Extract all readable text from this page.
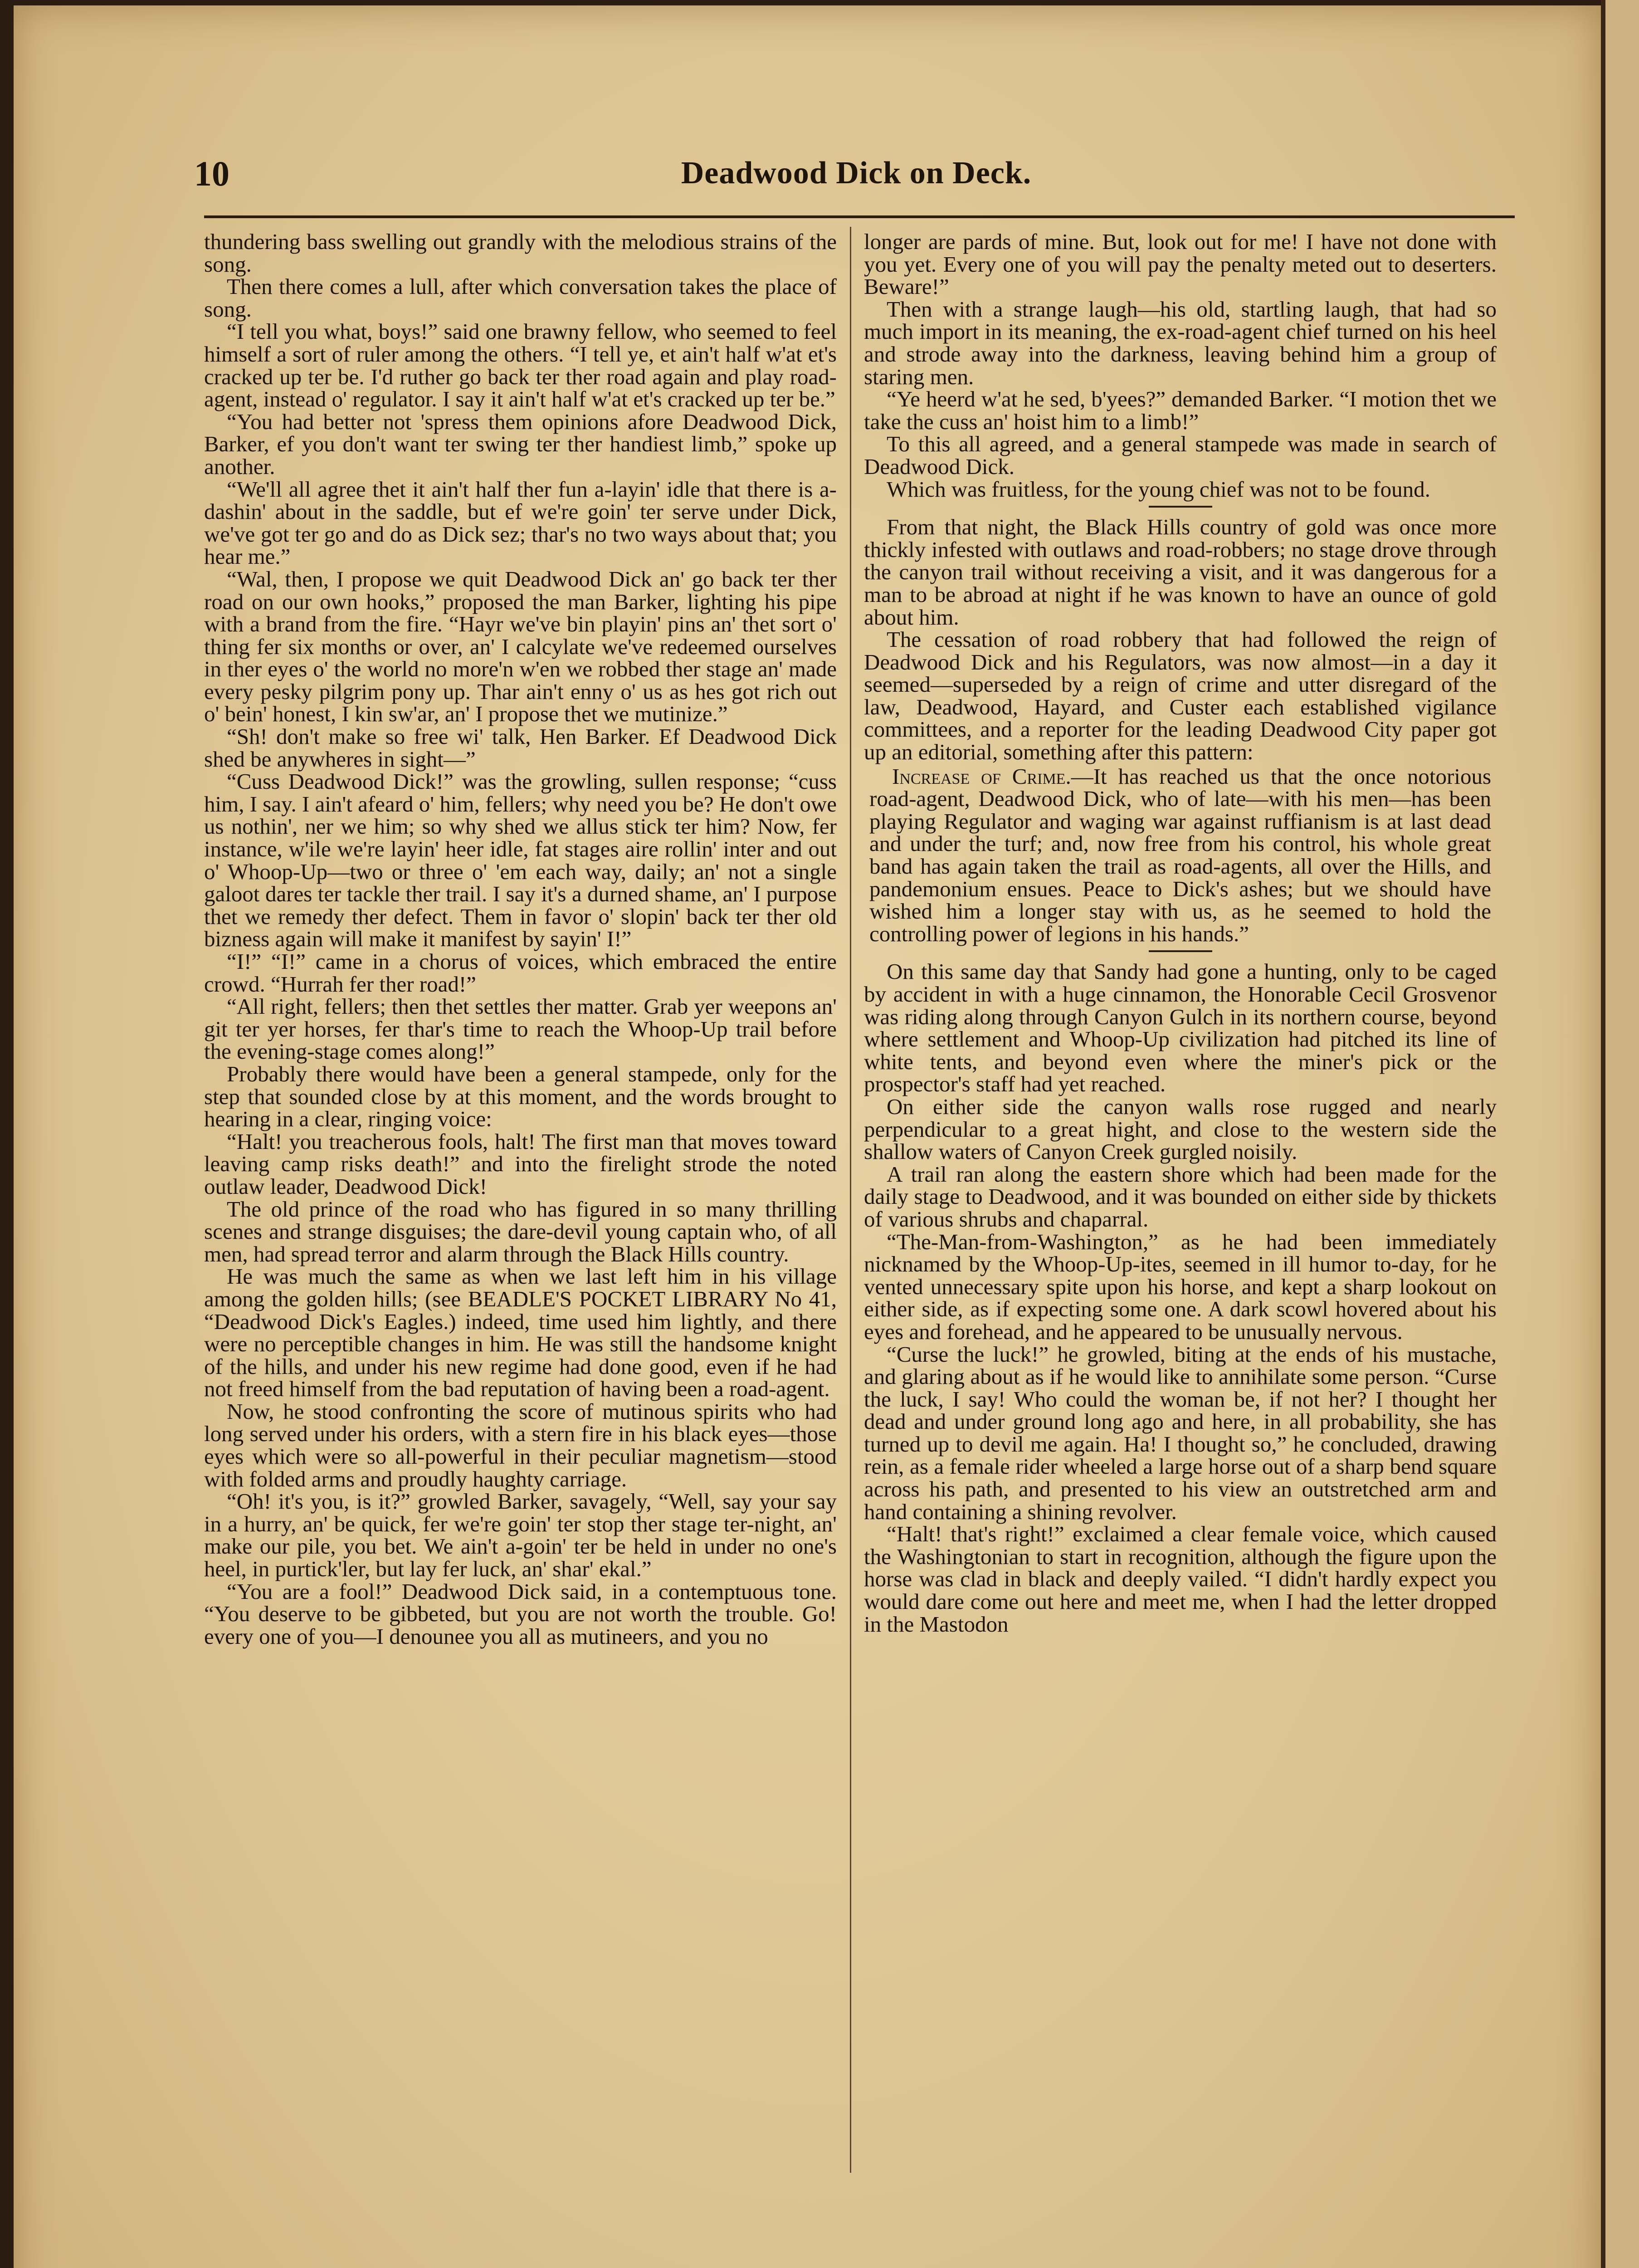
10	Deadwood Dick on Deck.

thundering bass swelling out grandly with the melodious strains of the song.

Then there comes a lull, after which conversation takes the place of song.

“I tell you what, boys!” said one brawny fellow, who seemed to feel himself a sort of ruler among the others. “I tell ye, et ain't half w'at et's cracked up ter be. I'd ruther go back ter ther road again and play road-agent, instead o' regulator. I say it ain't half w'at et's cracked up ter be.”

“You had better not 'spress them opinions afore Deadwood Dick, Barker, ef you don't want ter swing ter ther handiest limb,” spoke up another.

“We'll all agree thet it ain't half ther fun a-layin' idle that there is a-dashin' about in the saddle, but ef we're goin' ter serve under Dick, we've got ter go and do as Dick sez; thar's no two ways about that; you hear me.”

“Wal, then, I propose we quit Deadwood Dick an' go back ter ther road on our own hooks,” proposed the man Barker, lighting his pipe with a brand from the fire. “Hayr we've bin playin' pins an' thet sort o' thing fer six months or over, an' I calcylate we've redeemed ourselves in ther eyes o' the world no more'n w'en we robbed ther stage an' made every pesky pilgrim pony up. Thar ain't enny o' us as hes got rich out o' bein' honest, I kin sw'ar, an' I propose thet we mutinize.”

“Sh! don't make so free wi' talk, Hen Barker. Ef Deadwood Dick shed be anywheres in sight—”

“Cuss Deadwood Dick!” was the growling, sullen response; “cuss him, I say. I ain't afeard o' him, fellers; why need you be? He don't owe us nothin', ner we him; so why shed we allus stick ter him? Now, fer instance, w'ile we're layin' heer idle, fat stages aire rollin' inter and out o' Whoop-Up—two or three o' 'em each way, daily; an' not a single galoot dares ter tackle ther trail. I say it's a durned shame, an' I purpose thet we remedy ther defect. Them in favor o' slopin' back ter ther old bizness again will make it manifest by sayin' I!”

“I!” “I!” came in a chorus of voices, which embraced the entire crowd. “Hurrah fer ther road!”

“All right, fellers; then thet settles ther matter. Grab yer weepons an' git ter yer horses, fer thar's time to reach the Whoop-Up trail before the evening-stage comes along!”

Probably there would have been a general stampede, only for the step that sounded close by at this moment, and the words brought to hearing in a clear, ringing voice:

“Halt! you treacherous fools, halt! The first man that moves toward leaving camp risks death!” and into the firelight strode the noted outlaw leader, Deadwood Dick!

The old prince of the road who has figured in so many thrilling scenes and strange disguises; the dare-devil young captain who, of all men, had spread terror and alarm through the Black Hills country.

He was much the same as when we last left him in his village among the golden hills; (see BEADLE'S POCKET LIBRARY No 41, “Deadwood Dick's Eagles.) indeed, time used him lightly, and there were no perceptible changes in him. He was still the handsome knight of the hills, and under his new regime had done good, even if he had not freed himself from the bad reputation of having been a road-agent.

Now, he stood confronting the score of mutinous spirits who had long served under his orders, with a stern fire in his black eyes—those eyes which were so all-powerful in their peculiar magnetism—stood with folded arms and proudly haughty carriage.

“Oh! it's you, is it?” growled Barker, savagely, “Well, say your say in a hurry, an' be quick, fer we're goin' ter stop ther stage ter-night, an' make our pile, you bet. We ain't a-goin' ter be held in under no one's heel, in purtick'ler, but lay fer luck, an' shar' ekal.”

“You are a fool!” Deadwood Dick said, in a contemptuous tone. “You deserve to be gibbeted, but you are not worth the trouble. Go! every one of you—I denounee you all as mutineers, and you no

longer are pards of mine. But, look out for me! I have not done with you yet. Every one of you will pay the penalty meted out to deserters. Beware!”

Then with a strange laugh—his old, startling laugh, that had so much import in its meaning, the ex-road-agent chief turned on his heel and strode away into the darkness, leaving behind him a group of staring men.

“Ye heerd w'at he sed, b'yees?” demanded Barker. “I motion thet we take the cuss an' hoist him to a limb!”

To this all agreed, and a general stampede was made in search of Deadwood Dick.

Which was fruitless, for the young chief was not to be found.

From that night, the Black Hills country of gold was once more thickly infested with outlaws and road-robbers; no stage drove through the canyon trail without receiving a visit, and it was dangerous for a man to be abroad at night if he was known to have an ounce of gold about him.

The cessation of road robbery that had followed the reign of Deadwood Dick and his Regulators, was now almost—in a day it seemed—superseded by a reign of crime and utter disregard of the law, Deadwood, Hayard, and Custer each established vigilance committees, and a reporter for the leading Deadwood City paper got up an editorial, something after this pattern:

Increase of Crime.—It has reached us that the once notorious road-agent, Deadwood Dick, who of late—with his men—has been playing Regulator and waging war against ruffianism is at last dead and under the turf; and, now free from his control, his whole great band has again taken the trail as road-agents, all over the Hills, and pandemonium ensues. Peace to Dick's ashes; but we should have wished him a longer stay with us, as he seemed to hold the controlling power of legions in his hands.”

On this same day that Sandy had gone a hunting, only to be caged by accident in with a huge cinnamon, the Honorable Cecil Grosvenor was riding along through Canyon Gulch in its northern course, beyond where settlement and Whoop-Up civilization had pitched its line of white tents, and beyond even where the miner's pick or the prospector's staff had yet reached.

On either side the canyon walls rose rugged and nearly perpendicular to a great hight, and close to the western side the shallow waters of Canyon Creek gurgled noisily.

A trail ran along the eastern shore which had been made for the daily stage to Deadwood, and it was bounded on either side by thickets of various shrubs and chaparral.

“The-Man-from-Washington,” as he had been immediately nicknamed by the Whoop-Up-ites, seemed in ill humor to-day, for he vented unnecessary spite upon his horse, and kept a sharp lookout on either side, as if expecting some one. A dark scowl hovered about his eyes and forehead, and he appeared to be unusually nervous.

“Curse the luck!” he growled, biting at the ends of his mustache, and glaring about as if he would like to annihilate some person. “Curse the luck, I say! Who could the woman be, if not her? I thought her dead and under ground long ago and here, in all probability, she has turned up to devil me again. Ha! I thought so,” he concluded, drawing rein, as a female rider wheeled a large horse out of a sharp bend square across his path, and presented to his view an outstretched arm and hand containing a shining revolver.

“Halt! that's right!” exclaimed a clear female voice, which caused the Washingtonian to start in recognition, although the figure upon the horse was clad in black and deeply vailed. “I didn't hardly expect you would dare come out here and meet me, when I had the letter dropped in the Mastodon
